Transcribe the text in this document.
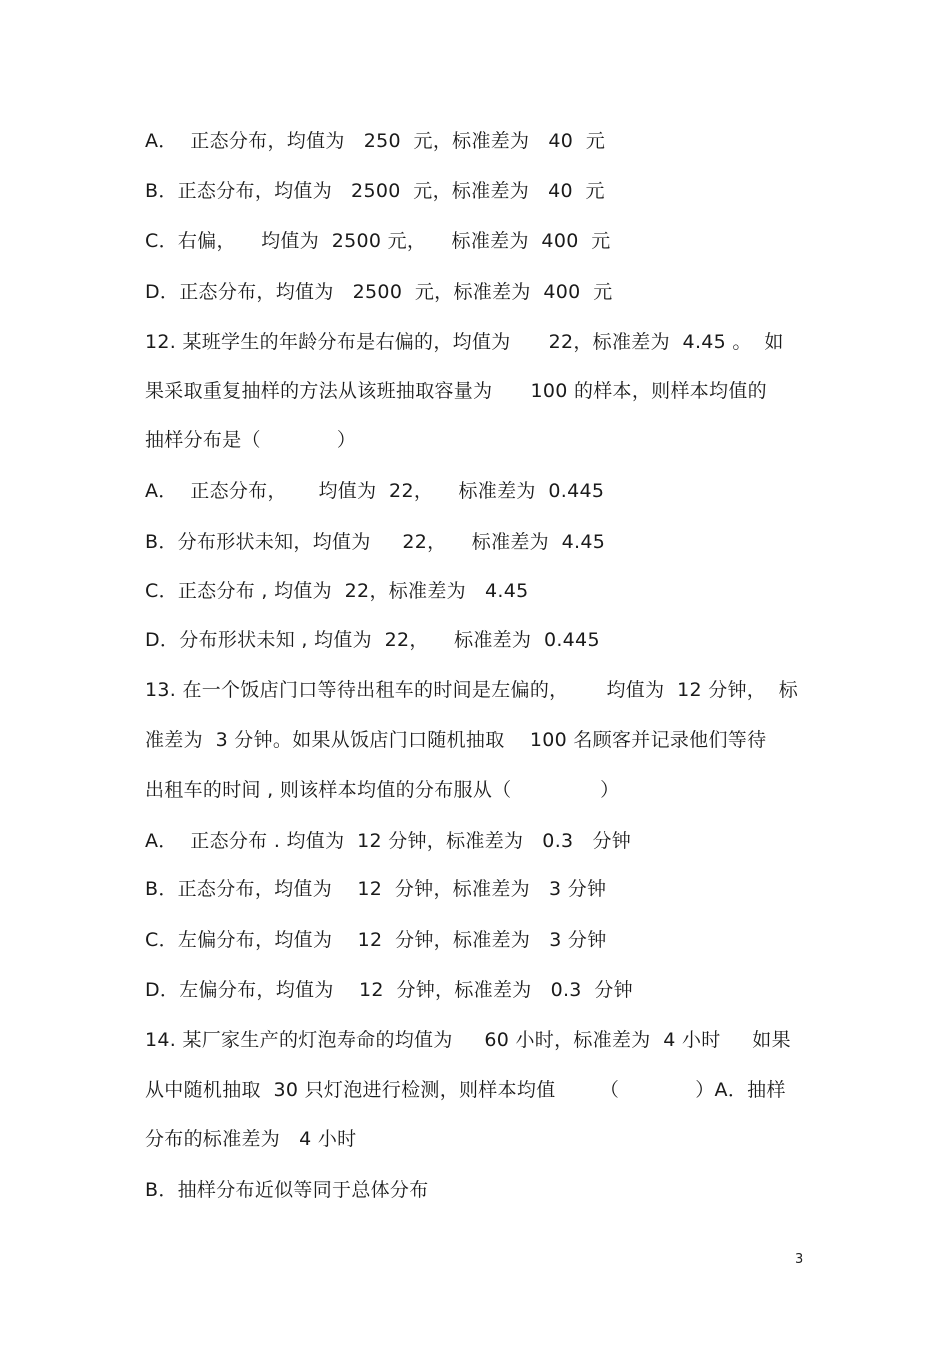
A．  正态分布，均值为   250  元，标准差为   40  元
B．正态分布，均值为   2500  元，标准差为   40  元
C．右偏，    均值为  2500 元，    标准差为  400  元
D．正态分布，均值为   2500  元，标准差为  400  元
12. 某班学生的年龄分布是右偏的，均值为      22，标准差为  4.45 。  如
果采取重复抽样的方法从该班抽取容量为      100 的样本，则样本均值的
抽样分布是（            ）
A．  正态分布，     均值为  22，    标准差为  0.445
B．分布形状未知，均值为     22，    标准差为  4.45
C．正态分布 , 均值为  22，标准差为   4.45
D．分布形状未知 , 均值为  22，    标准差为  0.445
13. 在一个饭店门口等待出租车的时间是左偏的，      均值为  12 分钟，  标
准差为  3 分钟。如果从饭店门口随机抽取    100 名顾客并记录他们等待
出租车的时间 , 则该样本均值的分布服从（              ）
A．  正态分布 . 均值为  12 分钟，标准差为   0.3   分钟
B．正态分布，均值为    12  分钟，标准差为   3 分钟
C．左偏分布，均值为    12  分钟，标准差为   3 分钟
D．左偏分布，均值为    12  分钟，标准差为   0.3  分钟
14. 某厂家生产的灯泡寿命的均值为     60 小时，标准差为  4 小时     如果
从中随机抽取  30 只灯泡进行检测，则样本均值       （            ）A．抽样
分布的标准差为   4 小时
B．抽样分布近似等同于总体分布
3
